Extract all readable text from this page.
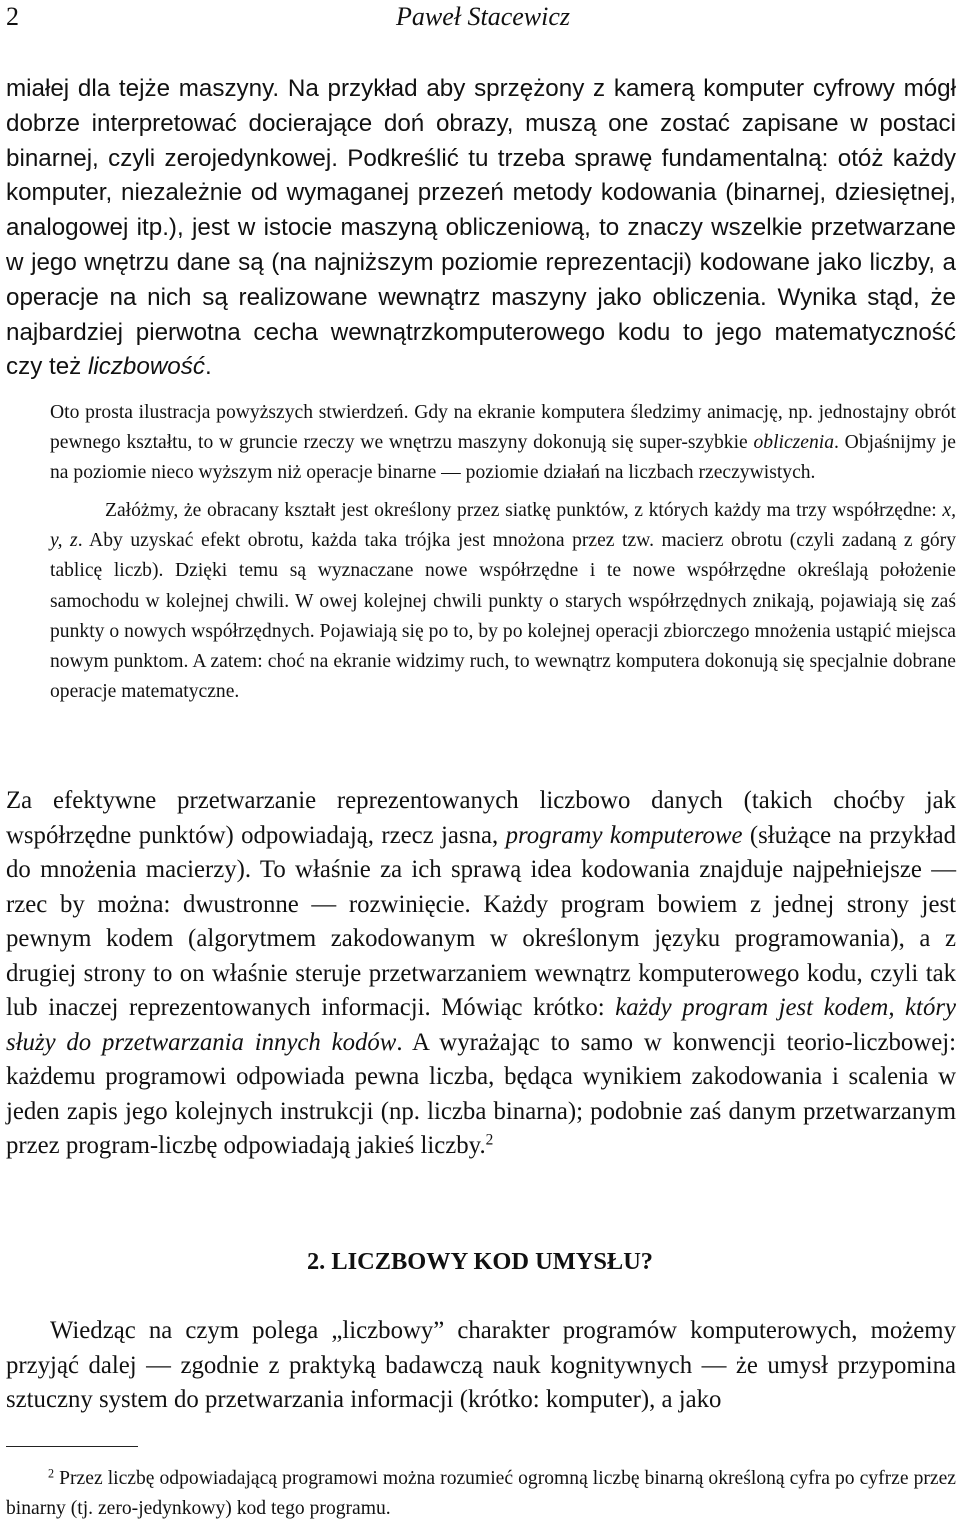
2	Paweł Stacewicz

miałej dla tejże maszyny. Na przykład aby sprzężony z kamerą komputer cyfrowy mógł dobrze interpretować docierające doń obrazy, muszą one zostać zapisane w postaci binarnej, czyli zerojedynkowej. Podkreślić tu trzeba sprawę fundamentalną: otóż każdy komputer, niezależnie od wymaganej przezeń metody kodowania (binarnej, dziesiętnej, analogowej itp.), jest w istocie maszyną obliczeniową, to znaczy wszelkie przetwarzane w jego wnętrzu dane są (na najniższym poziomie reprezentacji) kodowane jako liczby, a operacje na nich są realizowane wewnątrz maszyny jako obliczenia. Wynika stąd, że najbardziej pierwotna cecha wewnątrzkomputerowego kodu to jego matematyczność czy też liczbowość.

Oto prosta ilustracja powyższych stwierdzeń. Gdy na ekranie komputera śledzimy animację, np. jednostajny obrót pewnego kształtu, to w gruncie rzeczy we wnętrzu maszyny dokonują się super-szybkie obliczenia. Objaśnijmy je na poziomie nieco wyższym niż operacje binarne — poziomie działań na liczbach rzeczywistych.

Załóżmy, że obracany kształt jest określony przez siatkę punktów, z których każdy ma trzy współrzędne: x, y, z. Aby uzyskać efekt obrotu, każda taka trójka jest mnożona przez tzw. macierz obrotu (czyli zadaną z góry tablicę liczb). Dzięki temu są wyznaczane nowe współrzędne i te nowe współrzędne określają położenie samochodu w kolejnej chwili. W owej kolejnej chwili punkty o starych współrzędnych znikają, pojawiają się zaś punkty o nowych współrzędnych. Pojawiają się po to, by po kolejnej operacji zbiorczego mnożenia ustąpić miejsca nowym punktom. A zatem: choć na ekranie widzimy ruch, to wewnątrz komputera dokonują się specjalnie dobrane operacje matematyczne.

Za efektywne przetwarzanie reprezentowanych liczbowo danych (takich choćby jak współrzędne punktów) odpowiadają, rzecz jasna, programy komputerowe (służące na przykład do mnożenia macierzy). To właśnie za ich sprawą idea kodowania znajduje najpełniejsze — rzec by można: dwustronne — rozwinięcie. Każdy program bowiem z jednej strony jest pewnym kodem (algorytmem zakodowanym w określonym języku programowania), a z drugiej strony to on właśnie steruje przetwarzaniem wewnątrz komputerowego kodu, czyli tak lub inaczej reprezentowanych informacji. Mówiąc krótko: każdy program jest kodem, który służy do przetwarzania innych kodów. A wyrażając to samo w konwencji teorio-liczbowej: każdemu programowi odpowiada pewna liczba, będąca wynikiem zakodowania i scalenia w jeden zapis jego kolejnych instrukcji (np. liczba binarna); podobnie zaś danym przetwarzanym przez program-liczbę odpowiadają jakieś liczby.$^2$

2. LICZBOWY KOD UMYSŁU?

Wiedząc na czym polega „liczbowy” charakter programów komputerowych, możemy przyjąć dalej — zgodnie z praktyką badawczą nauk kognitywnych — że umysł przypomina sztuczny system do przetwarzania informacji (krótko: komputer), a jako

$^2$ Przez liczbę odpowiadającą programowi można rozumieć ogromną liczbę binarną określoną cyfra po cyfrze przez binarny (tj. zero-jedynkowy) kod tego programu.
